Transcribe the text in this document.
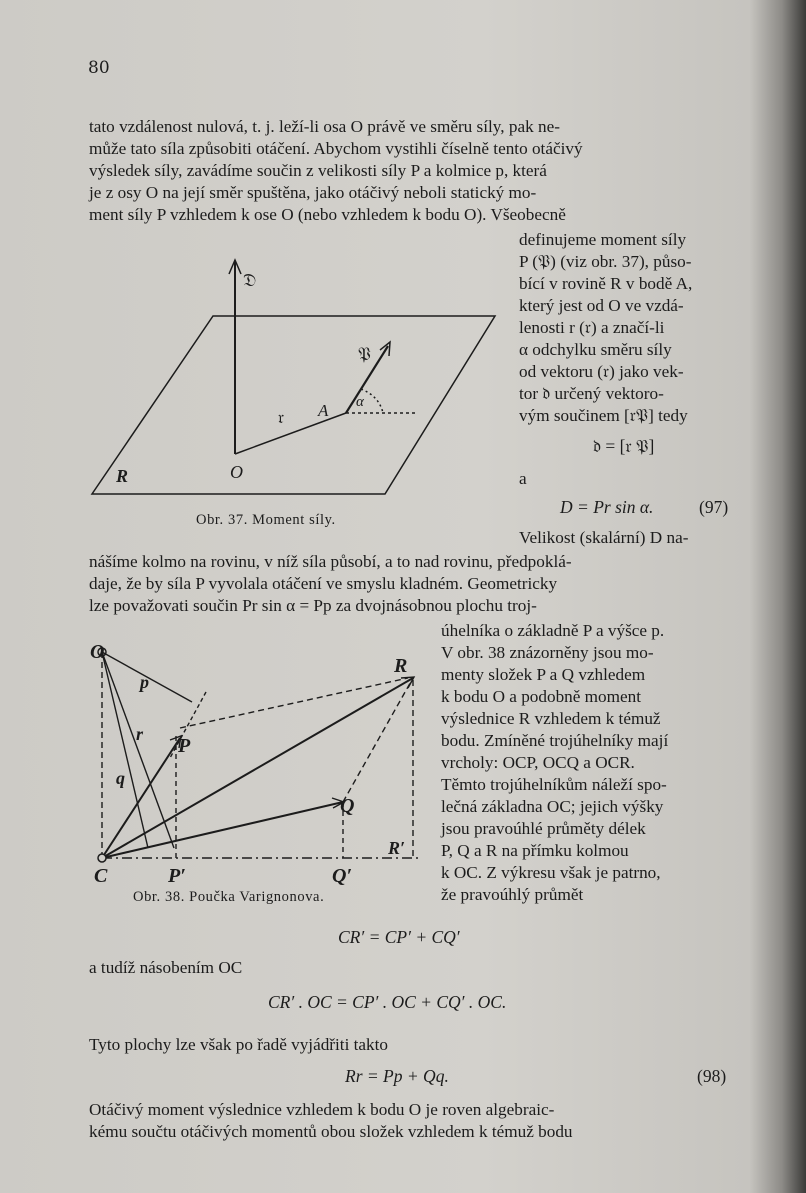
80
tato vzdálenost nulová, t. j. leží-li osa O právě ve směru síly, pak ne-
může tato síla způsobiti otáčení. Abychom vystihli číselně tento otáčivý
výsledek síly, zavádíme součin z velikosti síly P a kolmice p, která
je z osy O na její směr spuštěna, jako otáčivý neboli statický mo-
ment síly P vzhledem k ose O (nebo vzhledem k bodu O). Všeobecně
𝔇
𝔓
𝔯 A α
O
R
Obr. 37. Moment síly.
definujeme moment síly
P (𝔓) (viz obr. 37), půso-
bící v rovině R v bodě A,
který jest od O ve vzdá-
lenosti r (𝔯) a značí-li
α odchylku směru síly
od vektoru (𝔯) jako vek-
tor 𝔡 určený vektoro-
vým součinem [𝔯𝔓] tedy
𝔡 = [𝔯 𝔓]
a
D = Pr sin α.	(97)
Velikost (skalární) D na-
nášíme kolmo na rovinu, v níž síla působí, a to nad rovinu, předpoklá-
daje, že by síla P vyvolala otáčení ve smyslu kladném. Geometricky
lze považovati součin Pr sin α = Pp za dvojnásobnou plochu troj-
O
R
p
r
P
q
Q
R′
C	P′	Q′
Obr. 38. Poučka Varignonova.
úhelníka o základně P a výšce p.
V obr. 38 znázorněny jsou mo-
menty složek P a Q vzhledem
k bodu O a podobně moment
výslednice R vzhledem k témuž
bodu. Zmíněné trojúhelníky mají
vrcholy: OCP, OCQ a OCR.
Těmto trojúhelníkům náleží spo-
lečná základna OC; jejich výšky
jsou pravoúhlé průměty délek
P, Q a R na přímku kolmou
k OC. Z výkresu však je patrno,
že pravoúhlý průmět
CR′ = CP′ + CQ′
a tudíž násobením OC
CR′ . OC = CP′ . OC + CQ′ . OC.
Tyto plochy lze však po řadě vyjádřiti takto
Rr = Pp + Qq.	(98)
Otáčivý moment výslednice vzhledem k bodu O je roven algebraic-
kému součtu otáčivých momentů obou složek vzhledem k témuž bodu
